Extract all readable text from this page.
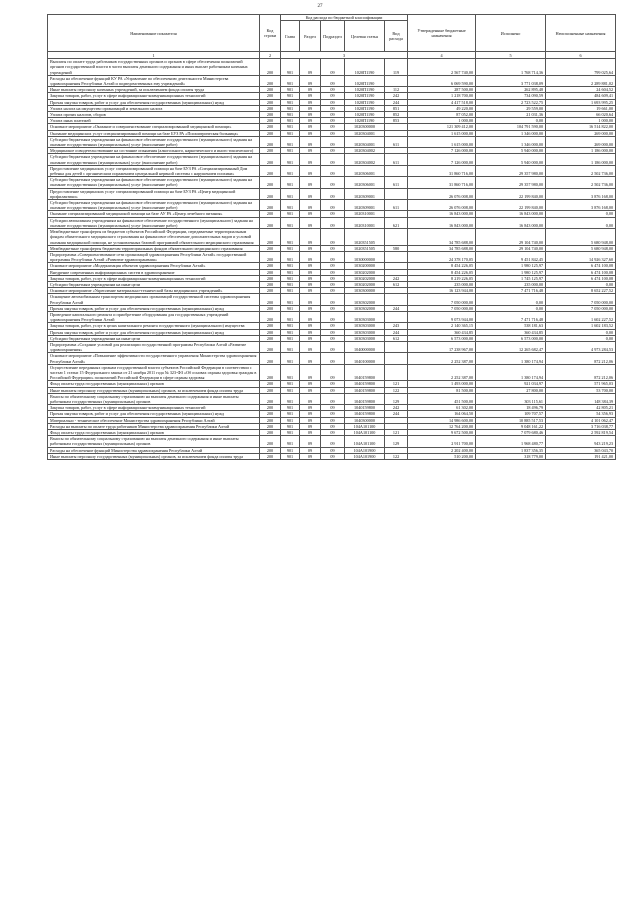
27
Наименование показателя	Код строки	Код расхода по бюджетной классификации					Утвержденные бюджетные назначения	Исполнено	Неисполненные назначения
		Глава	Раздел	Подраздел	Целевая статья	Вид расхода			
1	2	3					4	5	6
Выплаты по оплате труда работников государственных органов и органов в сфере обеспечения полномочий органов государственной власти в части выплаты денежного содержания и иных выплат работникам казенных учреждений	200	901	09	09	1020П1190	119	2 567 740,00	1 768 714,36	799 025,64
Расходы на обеспечение функций КУ РА «Управление по обеспечению деятельности Министерства здравоохранения Республики Алтай и подведомственных ему учреждений»	200	901	09	09	1020П1190		6 069 590,00	3 771 038,09	2 289 881,02
Иные выплаты персоналу казенных учреждений, за исключением фонда оплаты труда	200	901	09	09	1020П1190	112	287 500,00	262 895,48	24 604,52
Закупка товаров, работ, услуг в сфере информационно-коммуникационных технологий	200	901	09	09	1020П1190	242	1 218 700,00	734 090,59	484 609,41
Прочая закупка товаров, работ и услуг для обеспечения государственных (муниципальных) нужд	200	901	09	09	1020П1190	244	4 417 518,00	2 723 522,75	1 693 995,25
Уплата налога на имущество организаций и земельного налога	200	901	09	09	1020П1190	851	49 220,00	29 559,00	19 661,00
Уплата прочих налогов, сборов	200	901	09	09	1020П1190	852	87 052,00	21 031,36	66 020,64
Уплата иных платежей	200	901	09	09	1020П1190	853	1 000,00	0,00	1 000,00
Основное мероприятие «Оказание и совершенствование специализированной медицинской помощи»	200	901	09	09	1020300000		121 309 412,00	104 791 590,00	16 514 822,00
Оказание медицинских услуг специализированной помощи на базе БУЗ РА «Психиатрическая больница»	200	901	09	09	1020304001		1 615 000,00	1 346 000,00	269 000,00
Субсидии бюджетным учреждениям на финансовое обеспечение государственного (муниципального) задания на оказание государственных (муниципальных) услуг (выполнение работ)	200	901	09	09	1020304001	611	1 615 000,00	1 346 000,00	269 000,00
Медицинское освидетельствование на состояние опьянения (алкогольного, наркотического и иного токсического)	200	901	09	09	1020304002		7 126 000,00	5 940 000,00	1 186 000,00
Субсидии бюджетным учреждениям на финансовое обеспечение государственного (муниципального) задания на оказание государственных (муниципальных) услуг (выполнение работ)	200	901	09	09	1020304002	611	7 126 000,00	5 940 000,00	1 186 000,00
Предоставление медицинских услуг специализированной помощи на базе БУЗ РА «Специализированный Дом ребенка для детей с органическим поражением центральной нервной системы с нарушением психики»	200	901	09	09	1020306001		31 860 716,00	29 357 980,00	2 502 736,00
Субсидии бюджетным учреждениям на финансовое обеспечение государственного (муниципального) задания на оказание государственных (муниципальных) услуг (выполнение работ)	200	901	09	09	1020306001	611	31 860 716,00	29 357 980,00	2 502 736,00
Предоставление медицинских услуг специализированной помощи на базе БУЗ РА «Центр медицинской профилактики»	200	901	09	09	1020309001		26 076 008,00	22 199 840,00	3 876 168,00
Субсидии бюджетным учреждениям на финансовое обеспечение государственного (муниципального) задания на оказание государственных (муниципальных) услуг (выполнение работ)	200	901	09	09	1020309001	611	26 076 008,00	22 199 840,00	3 876 168,00
Оказание специализированной медицинской помощи на базе АУ РА «Центр лечебного питания»	200	901	09	09	1020310001		16 843 000,00	16 843 000,00	0,00
Субсидии автономным учреждениям на финансовое обеспечение государственного (муниципального) задания на оказание государственных (муниципальных) услуг (выполнение работ)	200	901	09	09	1020310001	621	16 843 000,00	16 843 000,00	0,00
Межбюджетные трансферты из бюджетов субъектов Российской Федерации, передаваемые территориальным фондам обязательного медицинского страхования на финансовое обеспечение дополнительных видов и условий оказания медицинской помощи, не установленных базовой программой обязательного медицинского страхования	200	901	09	09	1020351505		34 785 688,00	29 104 740,00	5 680 948,00
Межбюджетные трансферты бюджетам территориальных фондов обязательного медицинского страхования	200	901	09	09	1020351505	580	34 785 688,00	29 104 740,00	5 680 948,00
Подпрограмма «Совершенствование сети организаций здравоохранения Республики Алтай» государственной программы Республики Алтай «Развитие здравоохранения»	200	901	09	09	1030000000		24 378 170,05	9 451 842,45	14 926 327,60
Основное мероприятие «Модернизация объектов здравоохранения Республики Алтай»	200	901	09	09	1030200000		8 454 226,05	1 980 125,97	6 474 100,08
Внедрение современных информационных систем в здравоохранение	200	901	09	09	1030202000		8 454 226,05	1 980 125,97	6 474 100,08
Закупка товаров, работ, услуг в сфере информационно-коммуникационных технологий	200	901	09	09	1030202000	242	8 219 226,05	1 745 125,97	6 474 100,08
Субсидии бюджетным учреждениям на иные цели	200	901	09	09	1030202000	612	235 000,00	235 000,00	0,00
Основное мероприятие «Укрепление материально-технической базы медицинских учреждений»	200	901	09	09	1030300000		16 123 944,00	7 471 716,48	8 652 227,52
Оснащение автомобильным транспортом медицинских организаций государственной системы здравоохранения Республики Алтай	200	901	09	09	1030302000		7 050 000,00	0,00	7 050 000,00
Прочая закупка товаров, работ и услуг для обеспечения государственных (муниципальных) нужд	200	901	09	09	1030302000	244	7 050 000,00	0,00	7 050 000,00
Проведение капитального ремонта и приобретение оборудования для государственных учреждений здравоохранения Республики Алтай	200	901	09	09	1030303000		9 073 944,00	7 471 716,48	1 602 227,52
Закупка товаров, работ, услуг в целях капитального ремонта государственного (муниципального) имущества	200	901	09	09	1030303000	243	2 140 365,15	538 181,63	1 602 183,52
Прочая закупка товаров, работ и услуг для обеспечения государственных (муниципальных) нужд	200	901	09	09	1030303000	244	360 434,85	360 434,85	0,00
Субсидии бюджетным учреждениям на иные цели	200	901	09	09	1030303000	612	6 573 000,00	6 573 000,00	0,00
Подпрограмма «Создание условий для реализации государственной программы Республики Алтай «Развитие здравоохранения»	200	901	09	09	1040000000		17 238 967,00	12 265 682,47	4 973 284,53
Основное мероприятие «Повышение эффективности государственного управления Министерства здравоохранения Республики Алтай»	200	901	09	09	1040100000		2 252 387,00	1 380 174,94	872 212,06
Осуществление переданных органам государственной власти субъектов Российской Федерации в соответствии с частью 1 статьи 15 Федерального закона от 21 ноября 2011 года № 323-ФЗ «Об основах охраны здоровья граждан в Российской Федерации» полномочий Российской Федерации в сфере охраны здоровья	200	901	09	09	1040159800		2 252 387,00	1 380 174,94	872 212,06
Фонд оплаты труда государственных (муниципальных) органов	200	901	09	09	1040159800	121	1 493 000,00	921 034,97	571 965,03
Иные выплаты персоналу государственных (муниципальных) органов, за исключением фонда оплаты труда	200	901	09	09	1040159800	122	81 500,00	27 800,00	53 700,00
Взносы по обязательному социальному страхованию на выплаты денежного содержания и иные выплаты работникам государственных (муниципальных) органов	200	901	09	09	1040159800	129	451 500,00	303 115,61	148 384,39
Закупка товаров, работ, услуг в сфере информационно-коммуникационных технологий	200	901	09	09	1040159800	242	61 302,00	18 496,79	42 805,21
Прочая закупка товаров, работ и услуг для обеспечения государственных (муниципальных) нужд	200	901	09	09	1040159800	244	164 064,50	109 707,57	54 356,93
Материально - техническое обеспечение Министерства здравоохранения Республики Алтай	200	901	09	09	1040300000		14 986 600,00	10 885 517,53	4 101 062,47
Расходы на выплаты по оплате труда работников Министерства здравоохранения Республики Алтай	200	901	09	09	104А101100		12 764 200,00	9 048 161,22	3 716 038,77
Фонд оплаты труда государственных (муниципальных) органов	200	901	09	09	104А101100	121	9 672 500,00	7 079 680,46	2 592 819,54
Взносы по обязательному социальному страхованию на выплаты денежного содержания и иные выплаты работникам государственных (муниципальных) органов	200	901	09	09	104А101100	129	2 911 700,00	1 968 480,77	943 219,23
Расходы на обеспечение функций Министерства здравоохранения Республики Алтай	200	901	09	09	104А101900		2 202 400,00	1 837 356,35	365 043,70
Иные выплаты персоналу государственных (муниципальных) органов, за исключением фонда оплаты труда	200	901	09	09	104А101900	122	510 200,00	318 779,00	191 421,00
